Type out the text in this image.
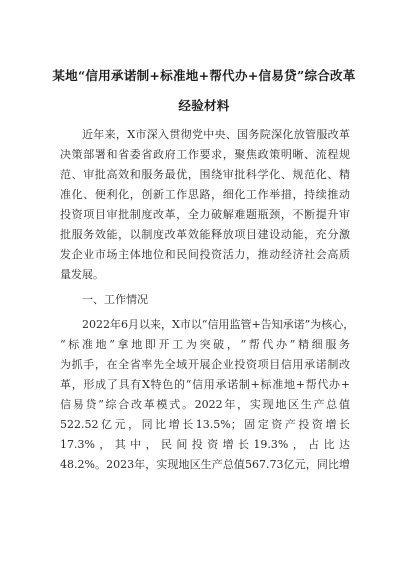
某地“信用承诺制+标准地+帮代办+信易贷”综合改革
经验材料
近年来，X市深入贯彻党中央、国务院深化放管服改革
决策部署和省委省政府工作要求，聚焦政策明晰、流程规
范、审批高效和服务最优，围绕审批科学化、规范化、精
准化、便利化，创新工作思路，细化工作举措，持续推动
投资项目审批制度改革，全力破解难题瓶颈，不断提升审
批服务效能，以制度改革效能释放项目建设动能，充分激
发企业市场主体地位和民间投资活力，推动经济社会高质
量发展。
一、工作情况
2022年6月以来，X市以“信用监管+告知承诺”为核心，
“标准地”拿地即开工为突破，“帮代办”精细服务
为抓手，在全省率先全域开展企业投资项目信用承诺制改
革，形成了具有X特色的“信用承诺制+标准地+帮代办+
信易贷”综合改革模式。2022年，实现地区生产总值
522.52亿元，同比增长13.5%；固定资产投资增长
17.3%，其中，民间投资增长19.3%，占比达
48.2%。2023年，实现地区生产总值567.73亿元，同比增
